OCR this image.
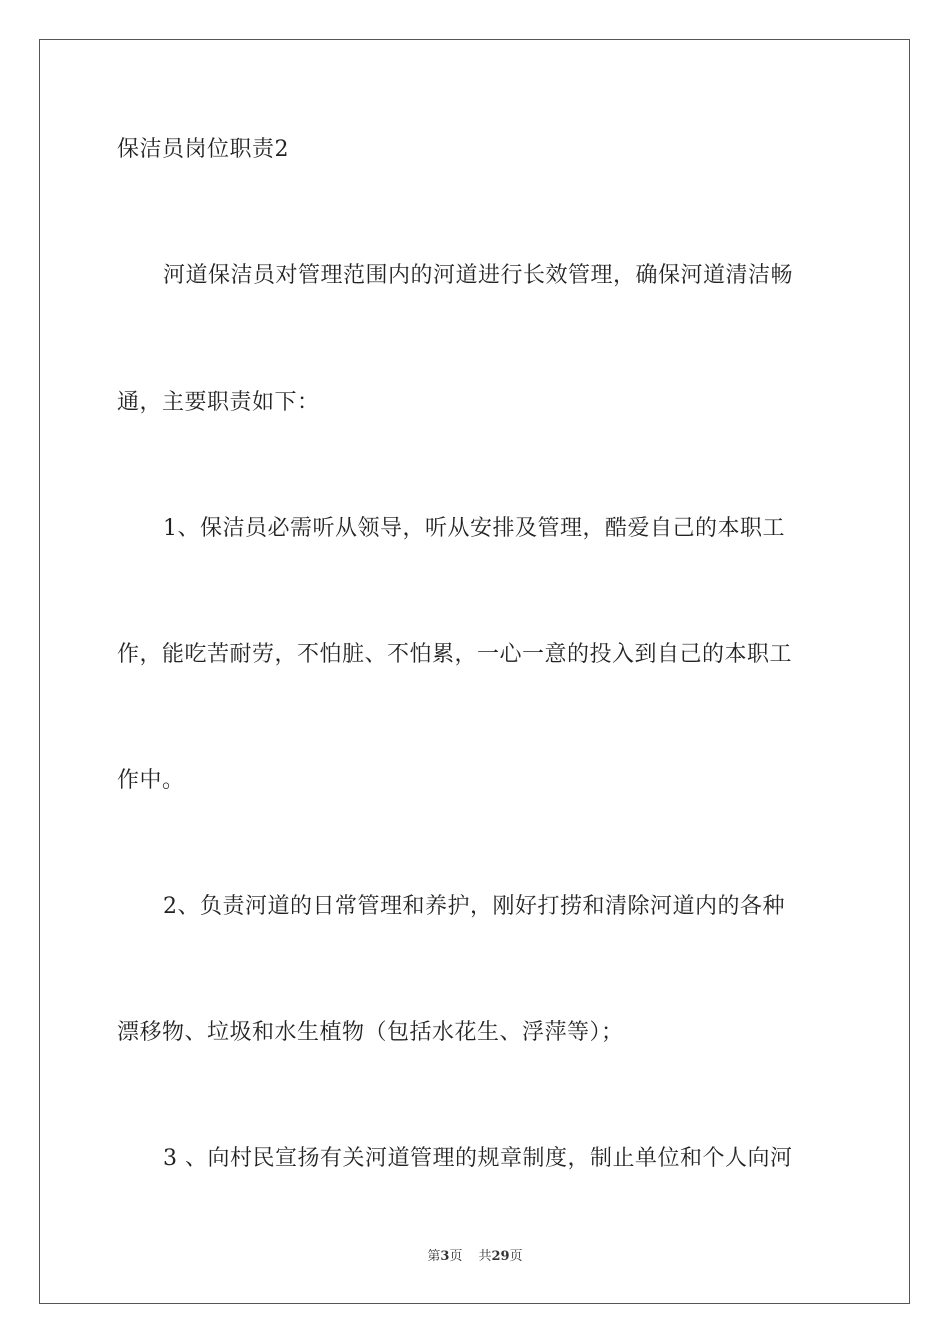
保洁员岗位职责2
河道保洁员对管理范围内的河道进行长效管理，确保河道清洁畅
通，主要职责如下：
1、保洁员必需听从领导，听从安排及管理，酷爱自己的本职工
作，能吃苦耐劳，不怕脏、不怕累，一心一意的投入到自己的本职工
作中。
2、负责河道的日常管理和养护，刚好打捞和清除河道内的各种
漂移物、垃圾和水生植物（包括水花生、浮萍等）；
3 、向村民宣扬有关河道管理的规章制度，制止单位和个人向河
第3页 共29页
